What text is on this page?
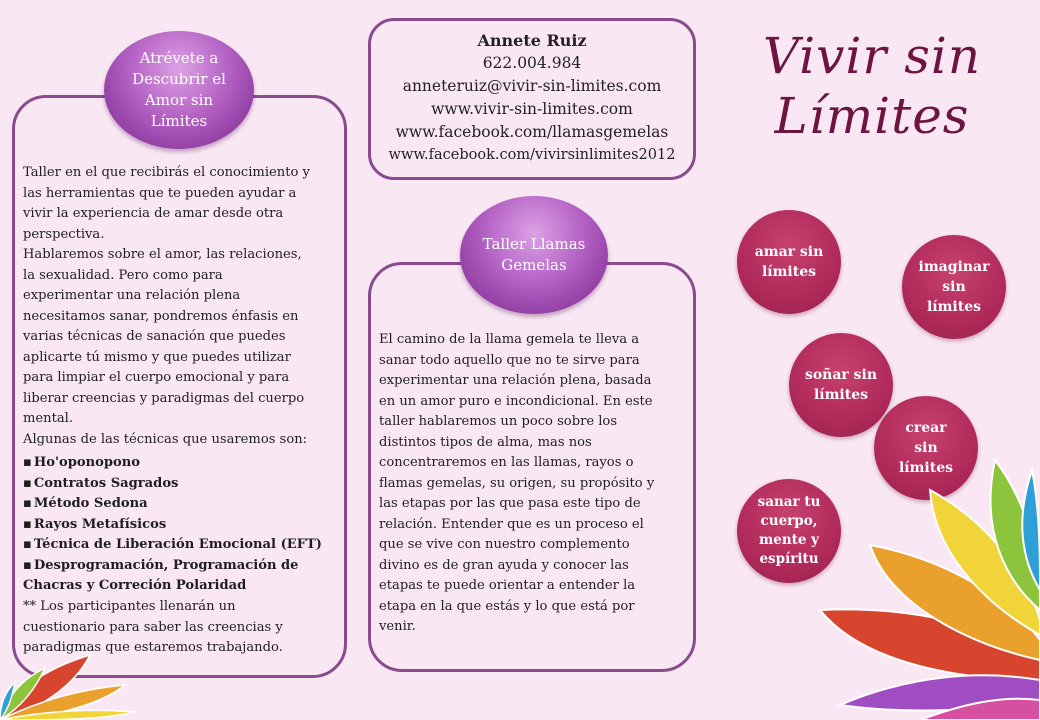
Atrévete a
Descubrir el
Amor sin
Límites

Taller en el que recibirás el conocimiento y
las herramientas que te pueden ayudar a
vivir la experiencia de amar desde otra
perspectiva.
Hablaremos sobre el amor, las relaciones,
la sexualidad. Pero como para
experimentar una relación plena
necesitamos sanar, pondremos énfasis en
varias técnicas de sanación que puedes
aplicarte tú mismo y que puedes utilizar
para limpiar el cuerpo emocional y para
liberar creencias y paradigmas del cuerpo
mental.
Algunas de las técnicas que usaremos son:

▪ Ho'oponopono
▪ Contratos Sagrados
▪ Método Sedona
▪ Rayos Metafísicos
▪ Técnica de Liberación Emocional (EFT)
▪ Desprogramación, Programación de
Chacras y Correción Polaridad

** Los participantes llenarán un
cuestionario para saber las creencias y
paradigmas que estaremos trabajando.

Annete Ruiz
622.004.984
anneteruiz@vivir-sin-limites.com
www.vivir-sin-limites.com
www.facebook.com/llamasgemelas
www.facebook.com/vivirsinlimites2012
Taller Llamas
Gemelas

El camino de la llama gemela te lleva a
sanar todo aquello que no te sirve para
experimentar una relación plena, basada
en un amor puro e incondicional. En este
taller hablaremos un poco sobre los
distintos tipos de alma, mas nos
concentraremos en las llamas, rayos o
flamas gemelas, su origen, su propósito y
las etapas por las que pasa este tipo de
relación. Entender que es un proceso el
que se vive con nuestro complemento
divino es de gran ayuda y conocer las
etapas te puede orientar a entender la
etapa en la que estás y lo que está por
venir.

Vivir sin
Límites
amar sin
límites	imaginar
sin
límites
soñar sin
límites
crear
sin
límites
sanar tu
cuerpo,
mente y
espíritu
